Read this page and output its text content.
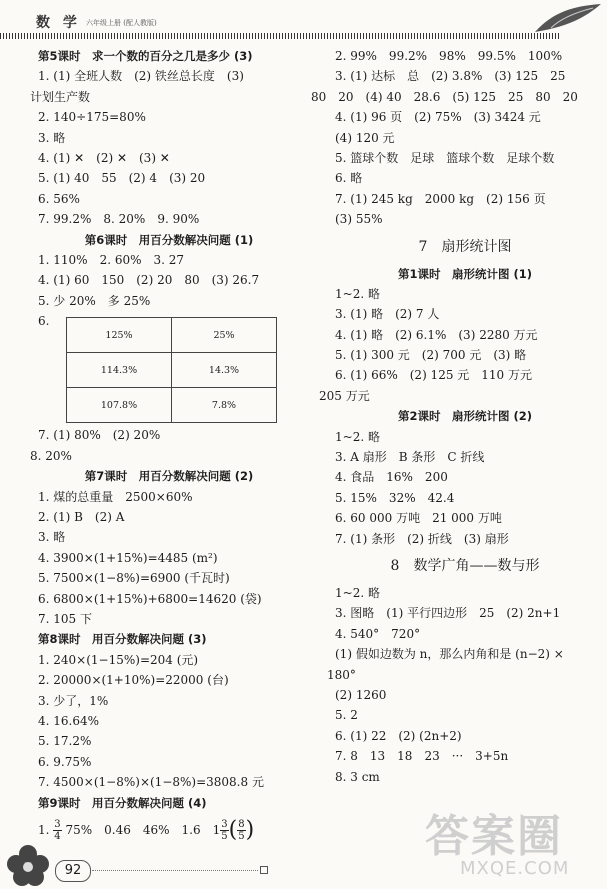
数 学 六年级上册 (配人教版)
第5课时　求一个数的百分之几是多少 (3)
1. (1) 全班人数　(2) 铁丝总长度　(3)
计划生产数
2. 140÷175=80%
3. 略
4. (1) ✕　(2) ✕　(3) ✕
5. (1) 40　55　(2) 4　(3) 20
6. 56%
7. 99.2%　8. 20%　9. 90%
第6课时　用百分数解决问题 (1)
1. 110%　2. 60%　3. 27
4. (1) 60　150　(2) 20　80　(3) 26.7
5. 少 20%　多 25%
6.
125%	25%
114.3%	14.3%
107.8%	7.8%
7. (1) 80%　(2) 20%
8. 20%
第7课时　用百分数解决问题 (2)
1. 煤的总重量　2500×60%
2. (1) B　(2) A
3. 略
4. 3900×(1+15%)=4485 (m²)
5. 7500×(1−8%)=6900 (千瓦时)
6. 6800×(1+15%)+6800=14620 (袋)
7. 105 下
第8课时　用百分数解决问题 (3)
1. 240×(1−15%)=204 (元)
2. 20000×(1+10%)=22000 (台)
3. 少了，1%
4. 16.64%
5. 17.2%
6. 9.75%
7. 4500×(1−8%)×(1−8%)=3808.8 元
第9课时　用百分数解决问题 (4)
1. $\frac{3}{4} 75\%$　0.46　46%　1.6　$1 \frac{3}{5}( \frac{8}{5})$
2. 99%　99.2%　98%　99.5%　100%
3. (1) 达标　总　(2) 3.8%　(3) 125　25
80　20　(4) 40　28.6　(5) 125　25　80　20
4. (1) 96 页　(2) 75%　(3) 3424 元
(4) 120 元
5. 篮球个数　足球　篮球个数　足球个数
6. 略
7. (1) 245 kg　2000 kg　(2) 156 页
(3) 55%
7　扇形统计图
第1课时　扇形统计图 (1)
1~2. 略
3. (1) 略　(2) 7 人
4. (1) 略　(2) 6.1%　(3) 2280 万元
5. (1) 300 元　(2) 700 元　(3) 略
6. (1) 66%　(2) 125 元　110 万元
205 万元
第2课时　扇形统计图 (2)
1~2. 略
3. A 扇形　B 条形　C 折线
4. 食品　16%　200
5. 15%　32%　42.4
6. 60 000 万吨　21 000 万吨
7. (1) 条形　(2) 折线　(3) 扇形
8　数学广角——数与形
1~2. 略
3. 图略　(1) 平行四边形　25　(2) 2n+1
4. 540°　720°
(1) 假如边数为 n，那么内角和是 (n−2) ×
180°
(2) 1260
5. 2
6. (1) 22　(2) (2n+2)
7. 8　13　18　23　···　3+5n
8. 3 cm
答案圈
MXQE.COM
92
